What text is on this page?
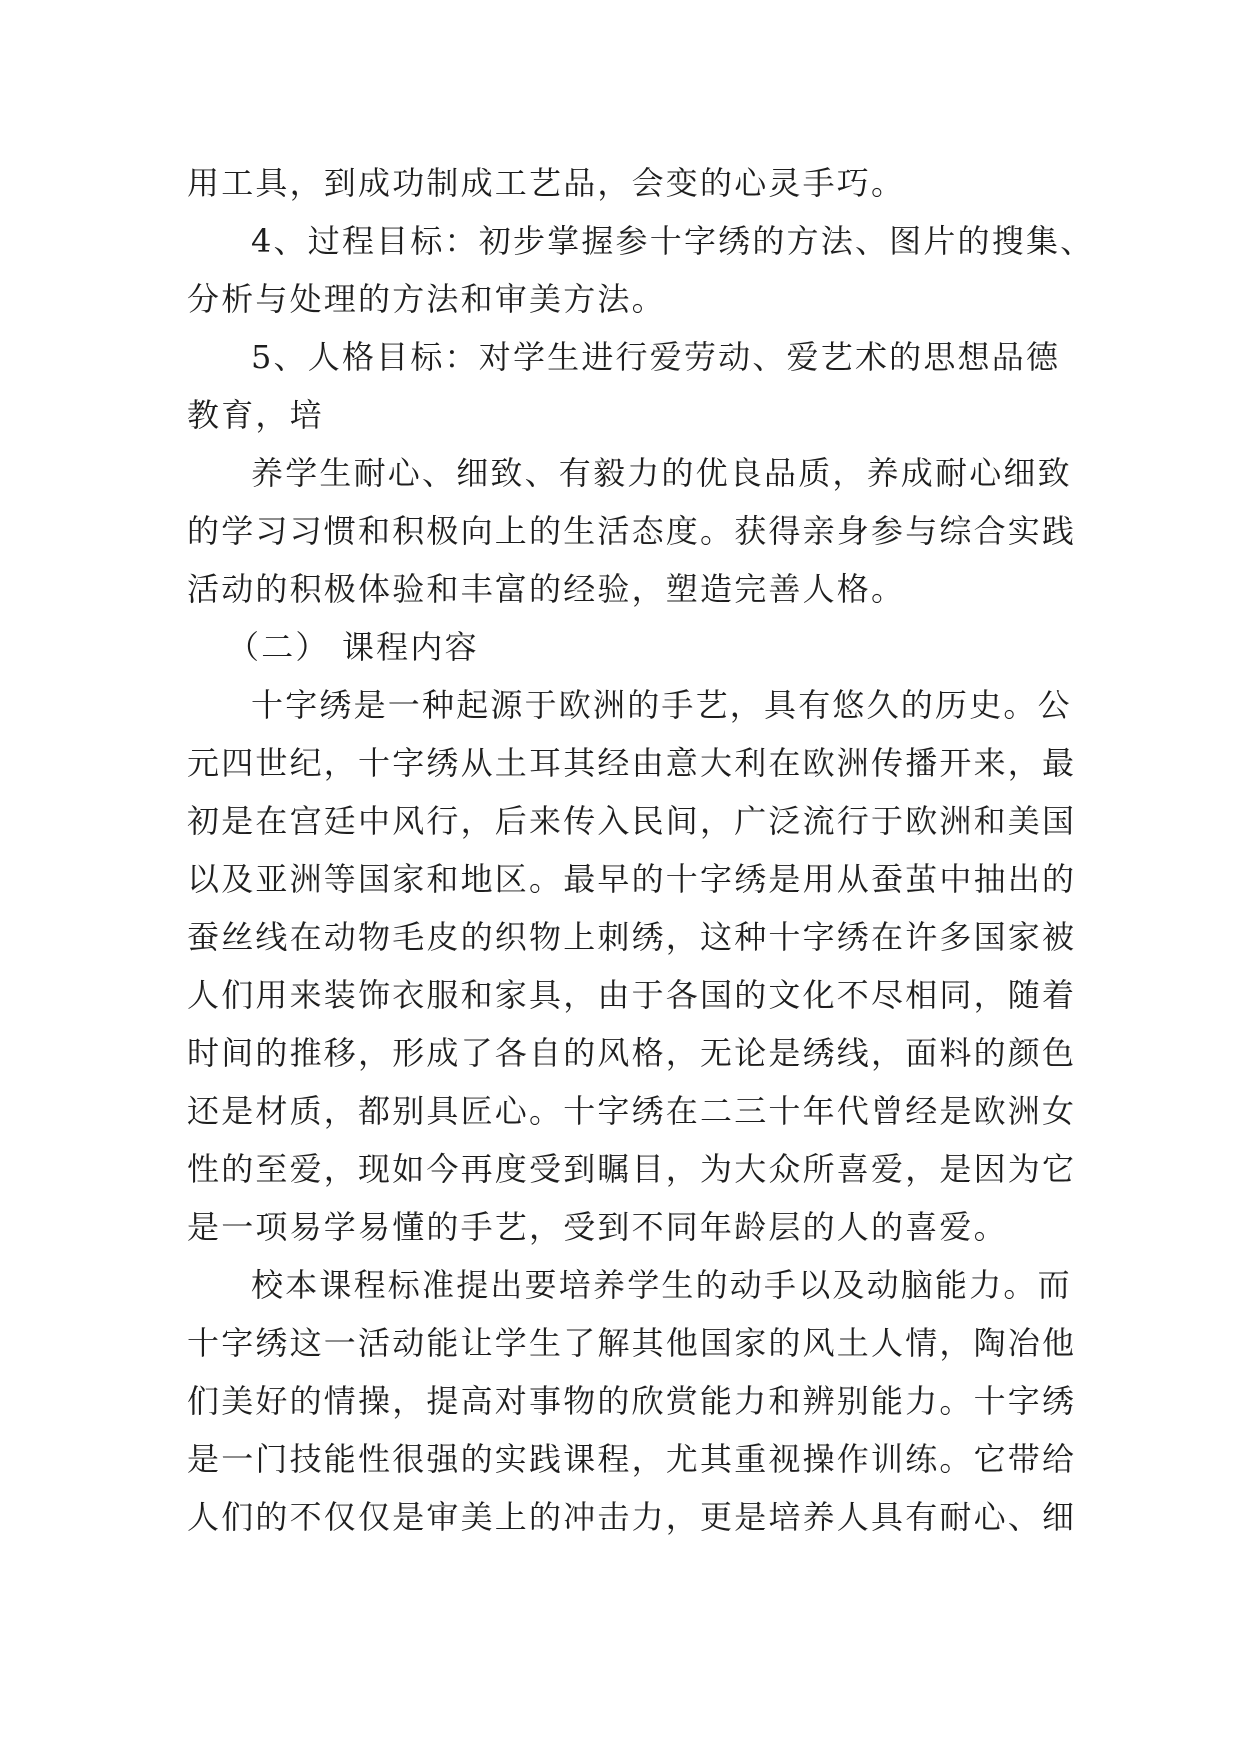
用工具，到成功制成工艺品，会变的心灵手巧。
4、过程目标：初步掌握参十字绣的方法、图片的搜集、
分析与处理的方法和审美方法。
5、人格目标：对学生进行爱劳动、爱艺术的思想品德
教育，培
养学生耐心、细致、有毅力的优良品质，养成耐心细致
的学习习惯和积极向上的生活态度。获得亲身参与综合实践
活动的积极体验和丰富的经验，塑造完善人格。
（二） 课程内容
十字绣是一种起源于欧洲的手艺，具有悠久的历史。公
元四世纪，十字绣从土耳其经由意大利在欧洲传播开来，最
初是在宫廷中风行，后来传入民间，广泛流行于欧洲和美国
以及亚洲等国家和地区。最早的十字绣是用从蚕茧中抽出的
蚕丝线在动物毛皮的织物上刺绣，这种十字绣在许多国家被
人们用来装饰衣服和家具，由于各国的文化不尽相同，随着
时间的推移，形成了各自的风格，无论是绣线，面料的颜色
还是材质，都别具匠心。十字绣在二三十年代曾经是欧洲女
性的至爱，现如今再度受到瞩目，为大众所喜爱，是因为它
是一项易学易懂的手艺，受到不同年龄层的人的喜爱。
校本课程标准提出要培养学生的动手以及动脑能力。而
十字绣这一活动能让学生了解其他国家的风土人情，陶冶他
们美好的情操，提高对事物的欣赏能力和辨别能力。十字绣
是一门技能性很强的实践课程，尤其重视操作训练。它带给
人们的不仅仅是审美上的冲击力，更是培养人具有耐心、细
